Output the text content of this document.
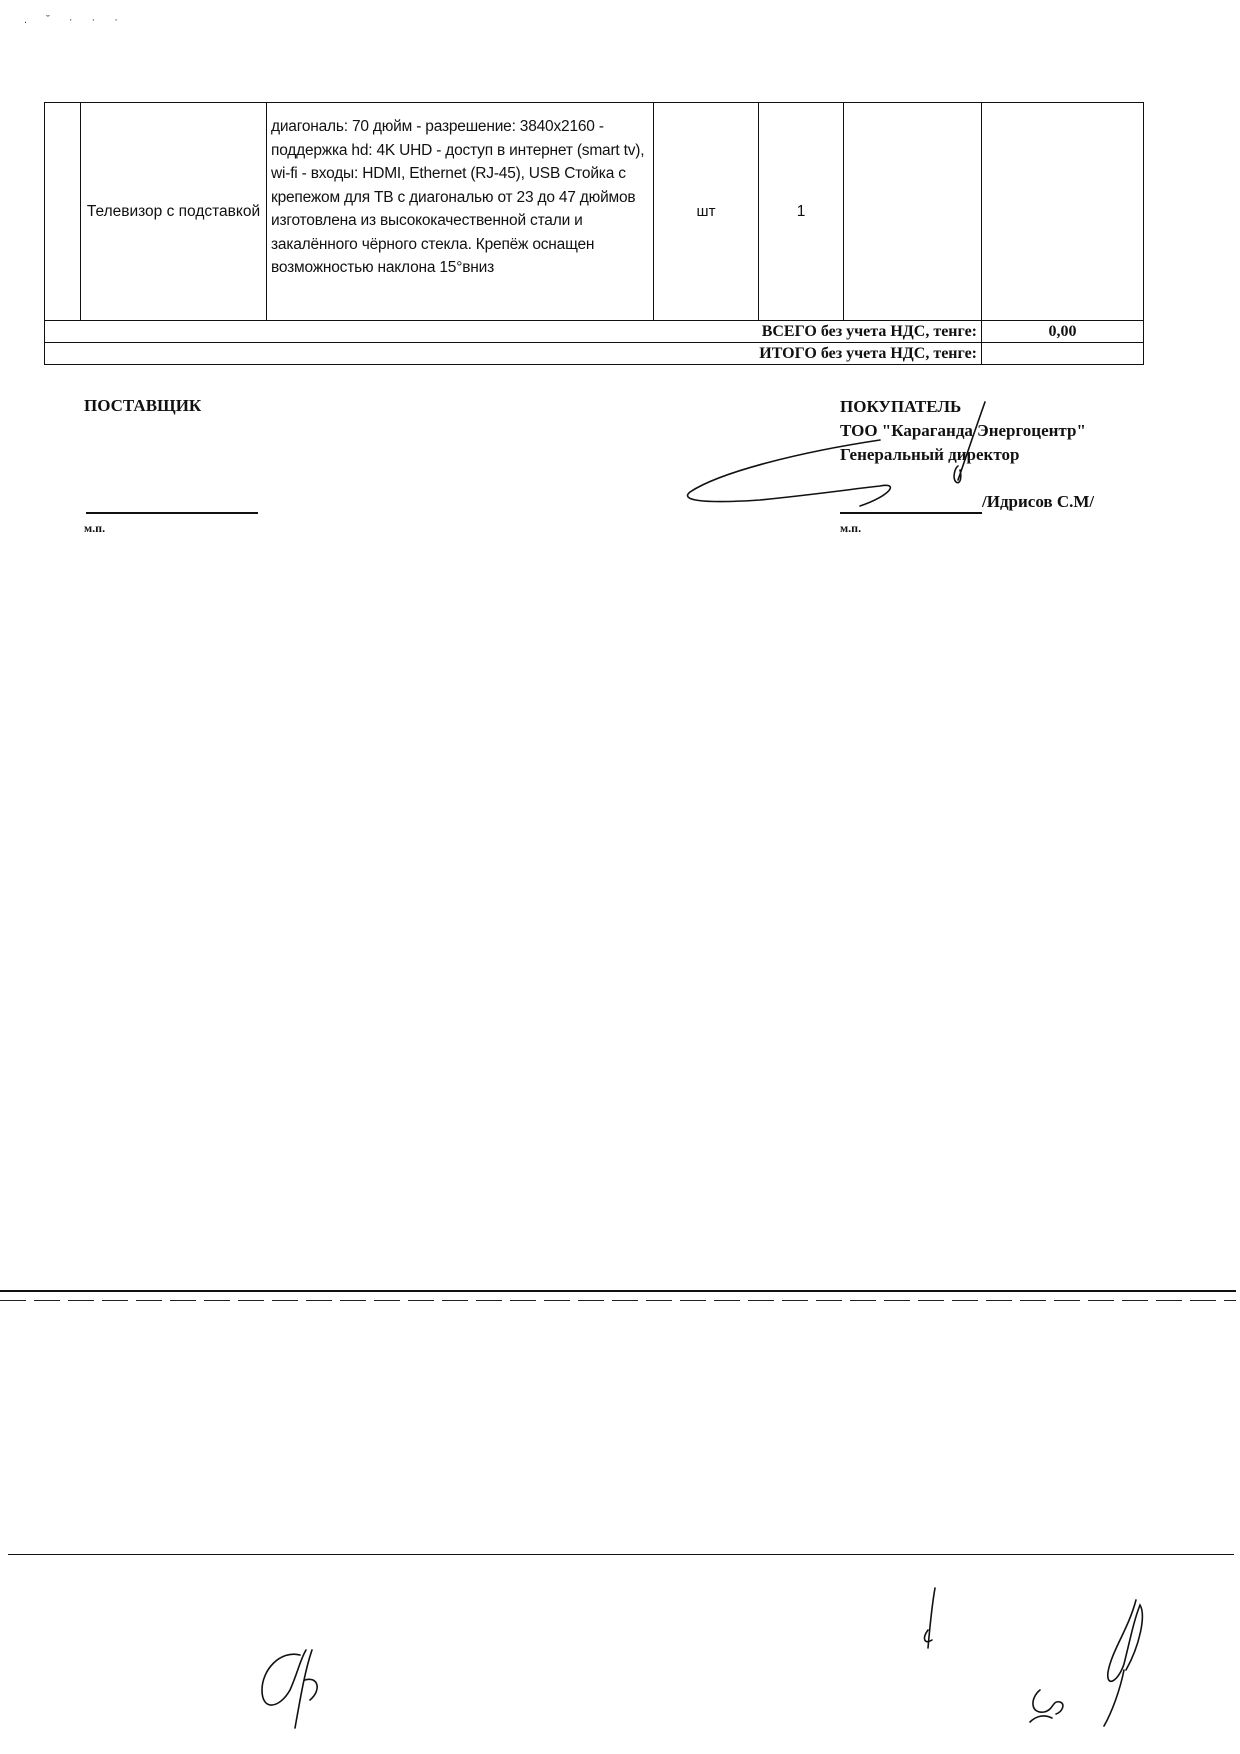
. ˇ · · ·
	Телевизор с подставкой	диагональ: 70 дюйм - разрешение: 3840x2160 - поддержка hd: 4K UHD - доступ в интернет (smart tv), wi-fi - входы: HDMI, Ethernet (RJ-45), USB Стойка с крепежом для ТВ с диагональю от 23 до 47 дюймов изготовлена из высококачественной стали и закалённого чёрного стекла. Крепёж оснащен возможностью наклона 15°вниз	шт	1		
ВСЕГО без учета НДС, тенге:						0,00
ИТОГО без учета НДС, тенге:						
ПОСТАВЩИК
м.п.
ПОКУПАТЕЛЬ
ТОО "Караганда Энергоцентр"
Генеральный директор
/Идрисов С.М/
м.п.
